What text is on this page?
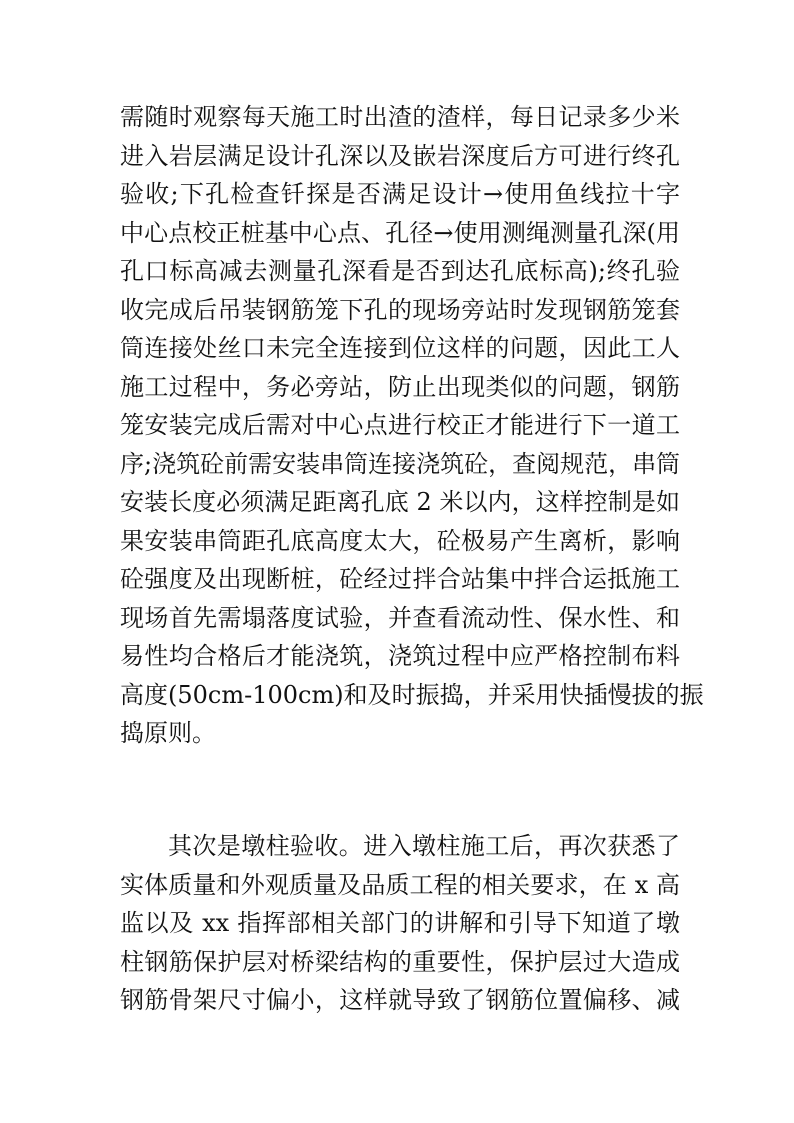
需随时观察每天施工时出渣的渣样，每日记录多少米
进入岩层满足设计孔深以及嵌岩深度后方可进行终孔
验收;下孔检查钎探是否满足设计→使用鱼线拉十字
中心点校正桩基中心点、孔径→使用测绳测量孔深(用
孔口标高减去测量孔深看是否到达孔底标高);终孔验
收完成后吊装钢筋笼下孔的现场旁站时发现钢筋笼套
筒连接处丝口未完全连接到位这样的问题，因此工人
施工过程中，务必旁站，防止出现类似的问题，钢筋
笼安装完成后需对中心点进行校正才能进行下一道工
序;浇筑砼前需安装串筒连接浇筑砼，查阅规范，串筒
安装长度必须满足距离孔底 2 米以内，这样控制是如
果安装串筒距孔底高度太大，砼极易产生离析，影响
砼强度及出现断桩，砼经过拌合站集中拌合运抵施工
现场首先需塌落度试验，并查看流动性、保水性、和
易性均合格后才能浇筑，浇筑过程中应严格控制布料
高度(50cm-100cm)和及时振捣，并采用快插慢拔的振
捣原则。
其次是墩柱验收。进入墩柱施工后，再次获悉了
实体质量和外观质量及品质工程的相关要求，在 x 高
监以及 xx 指挥部相关部门的讲解和引导下知道了墩
柱钢筋保护层对桥梁结构的重要性，保护层过大造成
钢筋骨架尺寸偏小，这样就导致了钢筋位置偏移、减
